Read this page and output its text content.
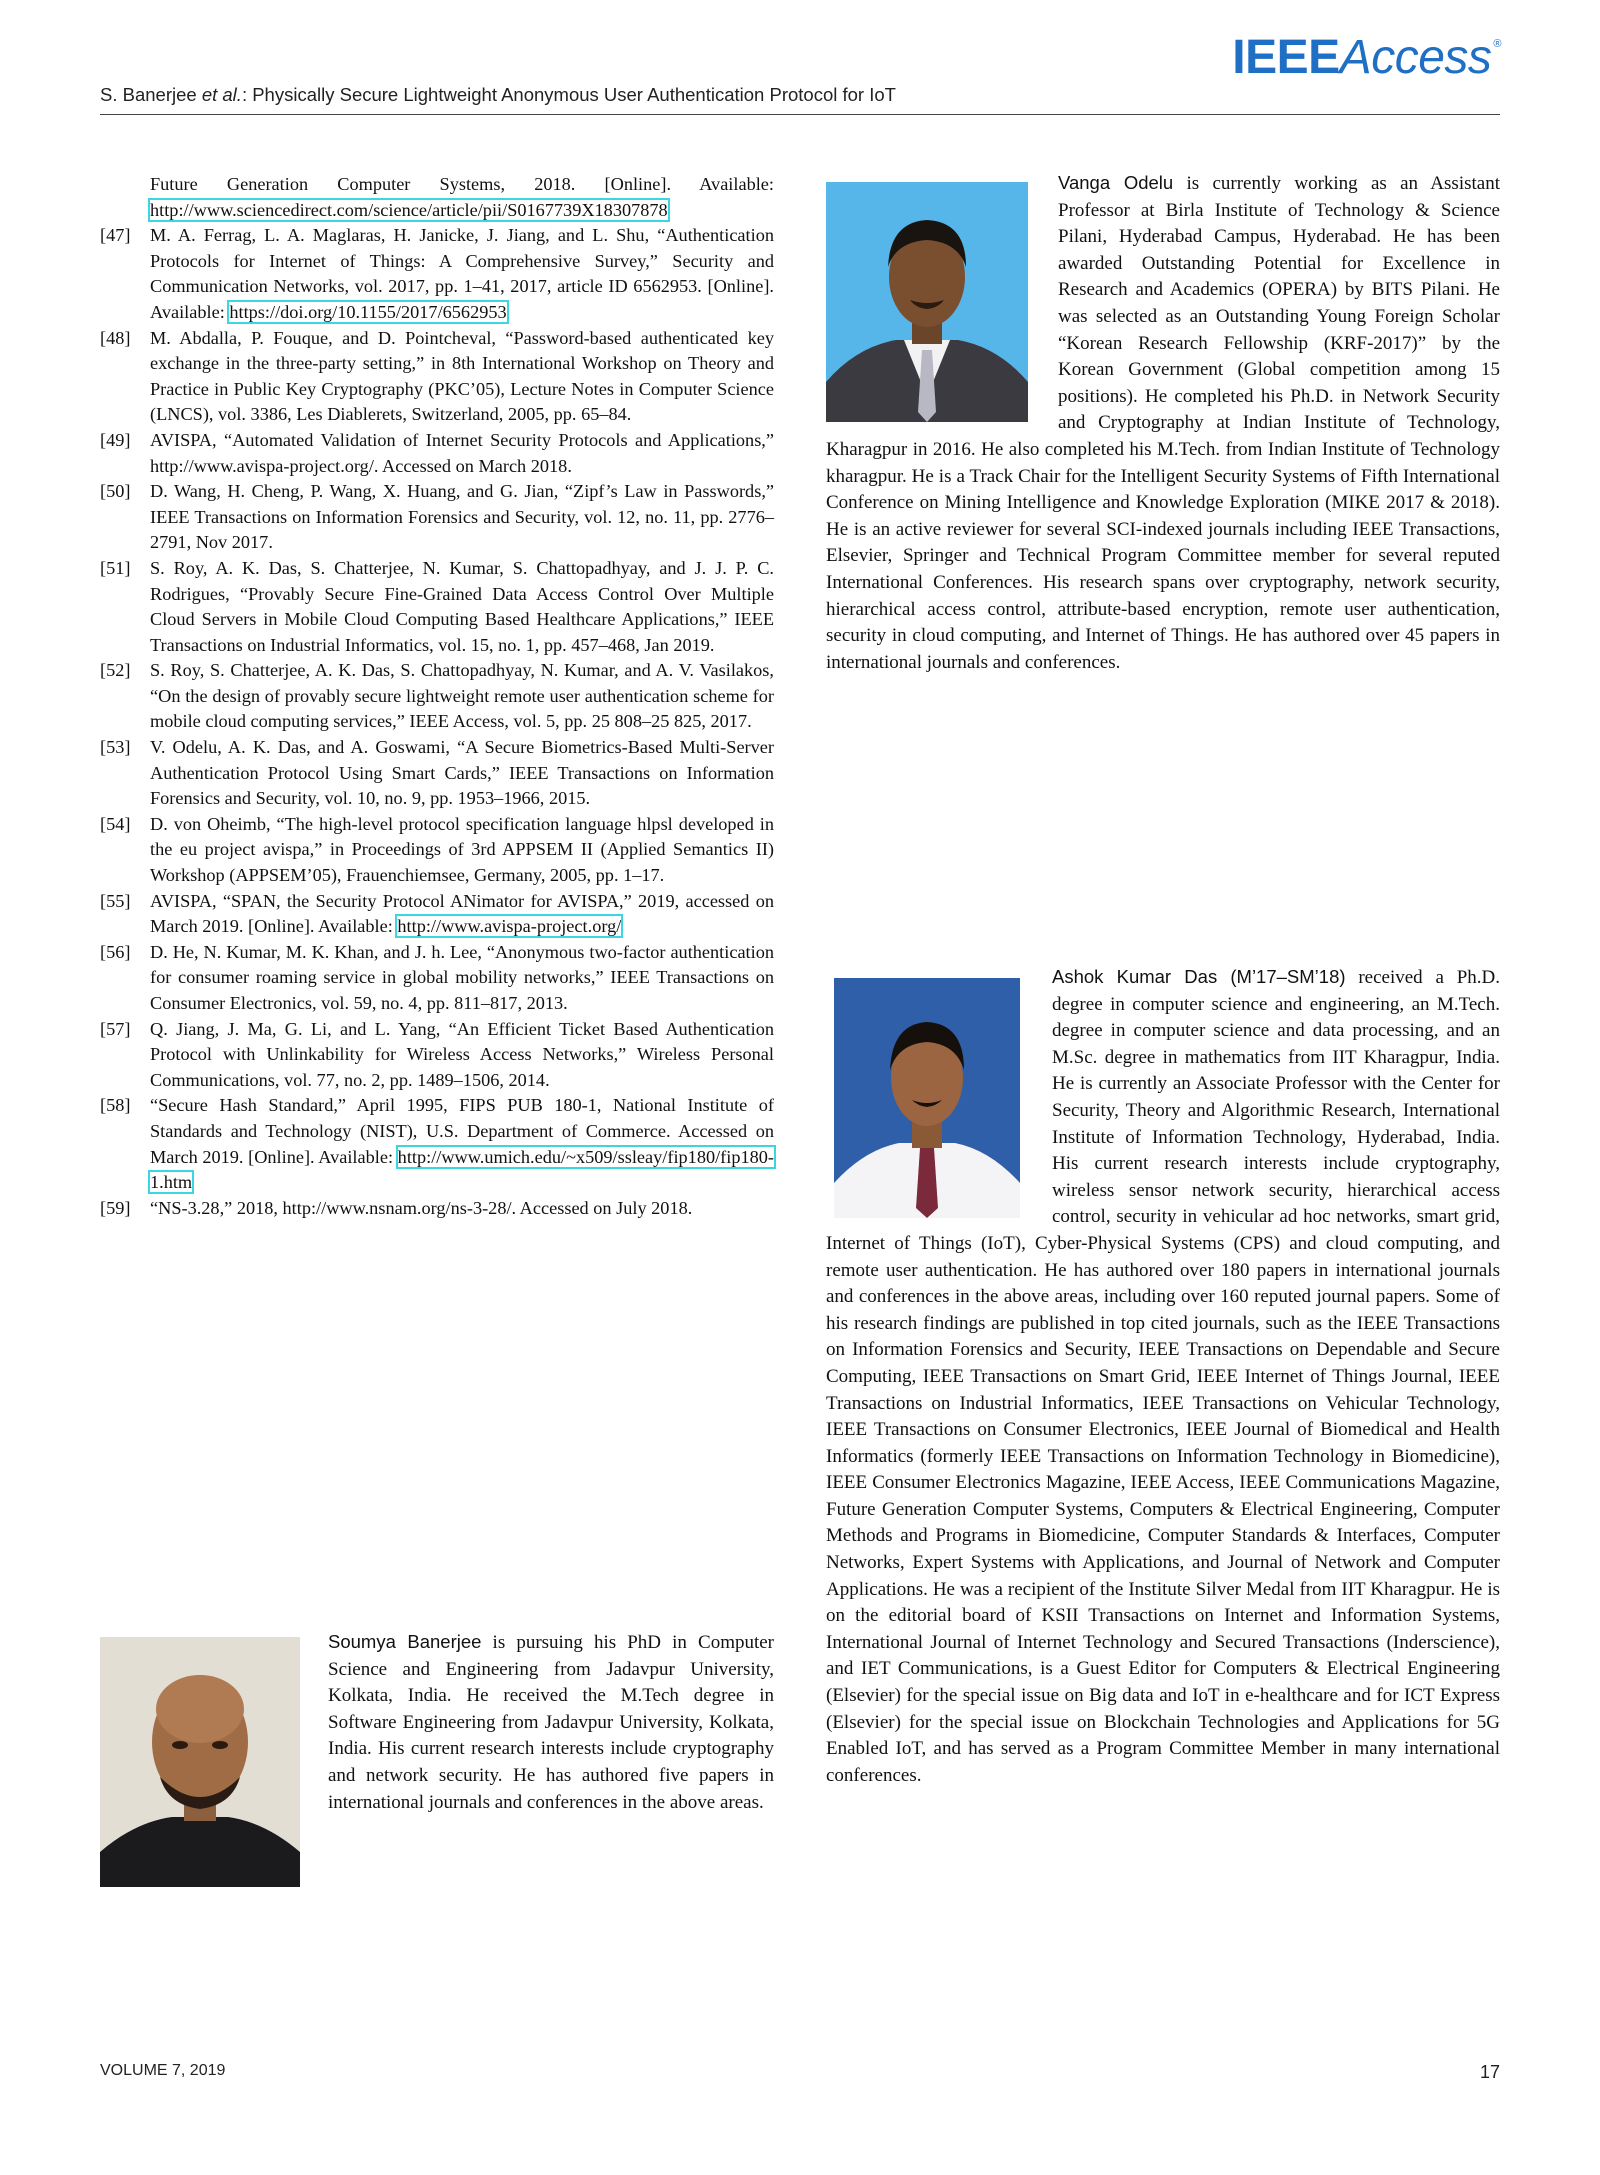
S. Banerjee et al.: Physically Secure Lightweight Anonymous User Authentication Protocol for IoT
IEEEAccess ®
Future Generation Computer Systems, 2018. [Online]. Available: http://www.sciencedirect.com/science/article/pii/S0167739X18307878
[47]	M. A. Ferrag, L. A. Maglaras, H. Janicke, J. Jiang, and L. Shu, “Authentication Protocols for Internet of Things: A Comprehensive Survey,” Security and Communication Networks, vol. 2017, pp. 1–41, 2017, article ID 6562953. [Online]. Available: https://doi.org/10.1155/2017/6562953
[48]	M. Abdalla, P. Fouque, and D. Pointcheval, “Password-based authenticated key exchange in the three-party setting,” in 8th International Workshop on Theory and Practice in Public Key Cryptography (PKC’05), Lecture Notes in Computer Science (LNCS), vol. 3386, Les Diablerets, Switzerland, 2005, pp. 65–84.
[49]	AVISPA, “Automated Validation of Internet Security Protocols and Applications,” http://www.avispa-project.org/. Accessed on March 2018.
[50]	D. Wang, H. Cheng, P. Wang, X. Huang, and G. Jian, “Zipf’s Law in Passwords,” IEEE Transactions on Information Forensics and Security, vol. 12, no. 11, pp. 2776–2791, Nov 2017.
[51]	S. Roy, A. K. Das, S. Chatterjee, N. Kumar, S. Chattopadhyay, and J. J. P. C. Rodrigues, “Provably Secure Fine-Grained Data Access Control Over Multiple Cloud Servers in Mobile Cloud Computing Based Healthcare Applications,” IEEE Transactions on Industrial Informatics, vol. 15, no. 1, pp. 457–468, Jan 2019.
[52]	S. Roy, S. Chatterjee, A. K. Das, S. Chattopadhyay, N. Kumar, and A. V. Vasilakos, “On the design of provably secure lightweight remote user authentication scheme for mobile cloud computing services,” IEEE Access, vol. 5, pp. 25 808–25 825, 2017.
[53]	V. Odelu, A. K. Das, and A. Goswami, “A Secure Biometrics-Based Multi-Server Authentication Protocol Using Smart Cards,” IEEE Transactions on Information Forensics and Security, vol. 10, no. 9, pp. 1953–1966, 2015.
[54]	D. von Oheimb, “The high-level protocol specification language hlpsl developed in the eu project avispa,” in Proceedings of 3rd APPSEM II (Applied Semantics II) Workshop (APPSEM’05), Frauenchiemsee, Germany, 2005, pp. 1–17.
[55]	AVISPA, “SPAN, the Security Protocol ANimator for AVISPA,” 2019, accessed on March 2019. [Online]. Available: http://www.avispa-project.org/
[56]	D. He, N. Kumar, M. K. Khan, and J. h. Lee, “Anonymous two-factor authentication for consumer roaming service in global mobility networks,” IEEE Transactions on Consumer Electronics, vol. 59, no. 4, pp. 811–817, 2013.
[57]	Q. Jiang, J. Ma, G. Li, and L. Yang, “An Efficient Ticket Based Authentication Protocol with Unlinkability for Wireless Access Networks,” Wireless Personal Communications, vol. 77, no. 2, pp. 1489–1506, 2014.
[58]	“Secure Hash Standard,” April 1995, FIPS PUB 180-1, National Institute of Standards and Technology (NIST), U.S. Department of Commerce. Accessed on March 2019. [Online]. Available: http://www.umich.edu/~x509/ssleay/fip180/fip180-1.htm
[59]	“NS-3.28,” 2018, http://www.nsnam.org/ns-3-28/. Accessed on July 2018.
Vanga Odelu is currently working as an Assistant Professor at Birla Institute of Technology & Science Pilani, Hyderabad Campus, Hyderabad. He has been awarded Outstanding Potential for Excellence in Research and Academics (OPERA) by BITS Pilani. He was selected as an Outstanding Young Foreign Scholar “Korean Research Fellowship (KRF-2017)” by the Korean Government (Global competition among 15 positions). He completed his Ph.D. in Network Security and Cryptography at Indian Institute of Technology, Kharagpur in 2016. He also completed his M.Tech. from Indian Institute of Technology kharagpur. He is a Track Chair for the Intelligent Security Systems of Fifth International Conference on Mining Intelligence and Knowledge Exploration (MIKE 2017 & 2018). He is an active reviewer for several SCI-indexed journals including IEEE Transactions, Elsevier, Springer and Technical Program Committee member for several reputed International Conferences. His research spans over cryptography, network security, hierarchical access control, attribute-based encryption, remote user authentication, security in cloud computing, and Internet of Things. He has authored over 45 papers in international journals and conferences.
Ashok Kumar Das (M’17–SM’18) received a Ph.D. degree in computer science and engineering, an M.Tech. degree in computer science and data processing, and an M.Sc. degree in mathematics from IIT Kharagpur, India. He is currently an Associate Professor with the Center for Security, Theory and Algorithmic Research, International Institute of Information Technology, Hyderabad, India. His current research interests include cryptography, wireless sensor network security, hierarchical access control, security in vehicular ad hoc networks, smart grid, Internet of Things (IoT), Cyber-Physical Systems (CPS) and cloud computing, and remote user authentication. He has authored over 180 papers in international journals and conferences in the above areas, including over 160 reputed journal papers. Some of his research findings are published in top cited journals, such as the IEEE Transactions on Information Forensics and Security, IEEE Transactions on Dependable and Secure Computing, IEEE Transactions on Smart Grid, IEEE Internet of Things Journal, IEEE Transactions on Industrial Informatics, IEEE Transactions on Vehicular Technology, IEEE Transactions on Consumer Electronics, IEEE Journal of Biomedical and Health Informatics (formerly IEEE Transactions on Information Technology in Biomedicine), IEEE Consumer Electronics Magazine, IEEE Access, IEEE Communications Magazine, Future Generation Computer Systems, Computers & Electrical Engineering, Computer Methods and Programs in Biomedicine, Computer Standards & Interfaces, Computer Networks, Expert Systems with Applications, and Journal of Network and Computer Applications. He was a recipient of the Institute Silver Medal from IIT Kharagpur. He is on the editorial board of KSII Transactions on Internet and Information Systems, International Journal of Internet Technology and Secured Transactions (Inderscience), and IET Communications, is a Guest Editor for Computers & Electrical Engineering (Elsevier) for the special issue on Big data and IoT in e-healthcare and for ICT Express (Elsevier) for the special issue on Blockchain Technologies and Applications for 5G Enabled IoT, and has served as a Program Committee Member in many international conferences.
Soumya Banerjee is pursuing his PhD in Computer Science and Engineering from Jadavpur University, Kolkata, India. He received the M.Tech degree in Software Engineering from Jadavpur University, Kolkata, India. His current research interests include cryptography and network security. He has authored five papers in international journals and conferences in the above areas.
VOLUME 7, 2019	17
